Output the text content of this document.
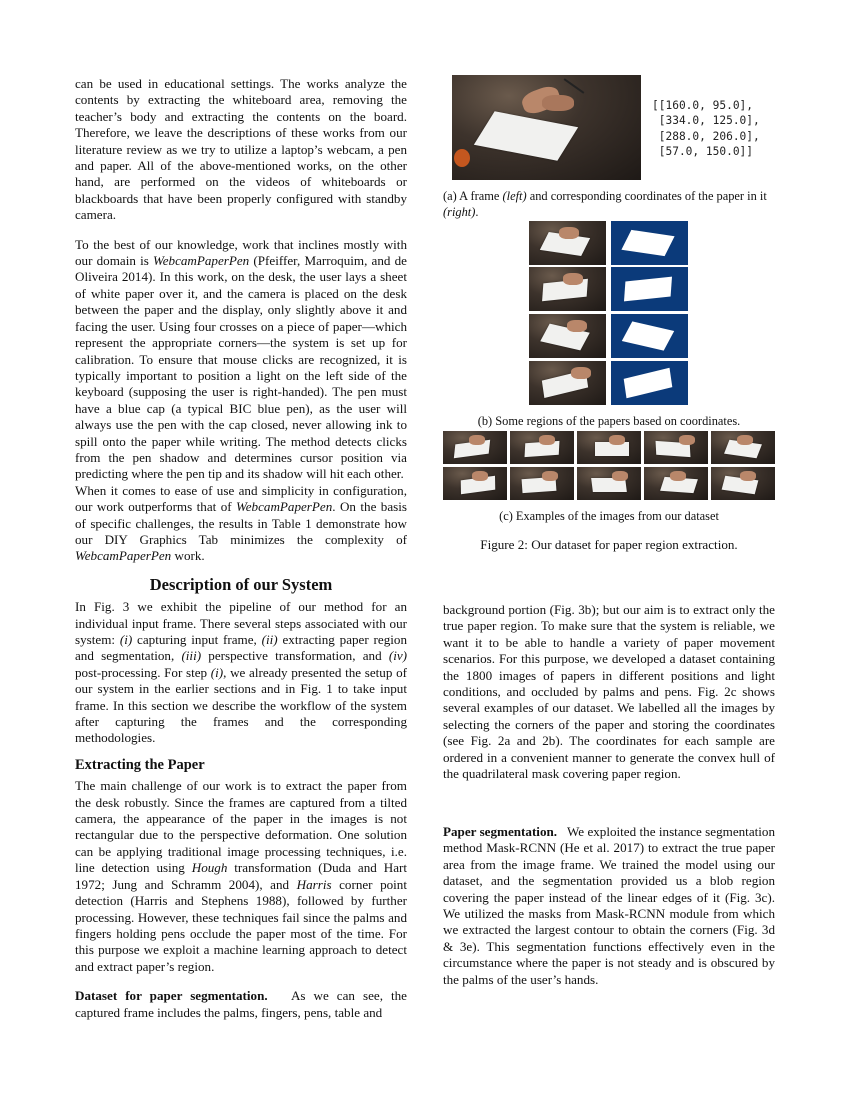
can be used in educational settings. The works analyze the contents by extracting the whiteboard area, removing the teacher’s body and extracting the contents on the board. Therefore, we leave the descriptions of these works from our literature review as we try to utilize a laptop’s webcam, a pen and paper. All of the above-mentioned works, on the other hand, are performed on the videos of whiteboards or blackboards that have been properly configured with standby camera.

To the best of our knowledge, work that inclines mostly with our domain is WebcamPaperPen (Pfeiffer, Marroquim, and de Oliveira 2014). In this work, on the desk, the user lays a sheet of white paper over it, and the camera is placed on the desk between the paper and the display, only slightly above it and facing the user. Using four crosses on a piece of paper—which represent the appropriate corners—the system is set up for calibration. To ensure that mouse clicks are recognized, it is typically important to position a light on the left side of the keyboard (supposing the user is right-handed). The pen must have a blue cap (a typical BIC blue pen), as the user will always use the pen with the cap closed, never allowing ink to spill onto the paper while writing. The method detects clicks from the pen shadow and determines cursor position via predicting where the pen tip and its shadow will hit each other.

When it comes to ease of use and simplicity in configuration, our work outperforms that of WebcamPaperPen. On the basis of specific challenges, the results in Table 1 demonstrate how our DIY Graphics Tab minimizes the complexity of WebcamPaperPen work.

Description of our System

In Fig. 3 we exhibit the pipeline of our method for an individual input frame. There several steps associated with our system: (i) capturing input frame, (ii) extracting paper region and segmentation, (iii) perspective transformation, and (iv) post-processing. For step (i), we already presented the setup of our system in the earlier sections and in Fig. 1 to take input frame. In this section we describe the workflow of the system after capturing the frames and the corresponding methodologies.

Extracting the Paper

The main challenge of our work is to extract the paper from the desk robustly. Since the frames are captured from a tilted camera, the appearance of the paper in the images is not rectangular due to the perspective deformation. One solution can be applying traditional image processing techniques, i.e. line detection using Hough transformation (Duda and Hart 1972; Jung and Schramm 2004), and Harris corner point detection (Harris and Stephens 1988), followed by further processing. However, these techniques fail since the palms and fingers holding pens occlude the paper most of the time. For this purpose we exploit a machine learning approach to detect and extract paper’s region.

Dataset for paper segmentation.   As we can see, the captured frame includes the palms, fingers, pens, table and

[[160.0, 95.0],
[334.0, 125.0],
[288.0, 206.0],
[57.0, 150.0]]
(a) A frame (left) and corresponding coordinates of the paper in it (right).
(b) Some regions of the papers based on coordinates.
(c) Examples of the images from our dataset
Figure 2: Our dataset for paper region extraction.

background portion (Fig. 3b); but our aim is to extract only the true paper region. To make sure that the system is reliable, we want it to be able to handle a variety of paper movement scenarios. For this purpose, we developed a dataset containing the 1800 images of papers in different positions and light conditions, and occluded by palms and pens. Fig. 2c shows several examples of our dataset. We labelled all the images by selecting the corners of the paper and storing the coordinates (see Fig. 2a and 2b). The coordinates for each sample are ordered in a convenient manner to generate the convex hull of the quadrilateral mask covering paper region.

Paper segmentation.   We exploited the instance segmentation method Mask-RCNN (He et al. 2017) to extract the true paper area from the image frame. We trained the model using our dataset, and the segmentation provided us a blob region covering the paper instead of the linear edges of it (Fig. 3c). We utilized the masks from Mask-RCNN module from which we extracted the largest contour to obtain the corners (Fig. 3d & 3e). This segmentation functions effectively even in the circumstance where the paper is not steady and is obscured by the palms of the user’s hands.
